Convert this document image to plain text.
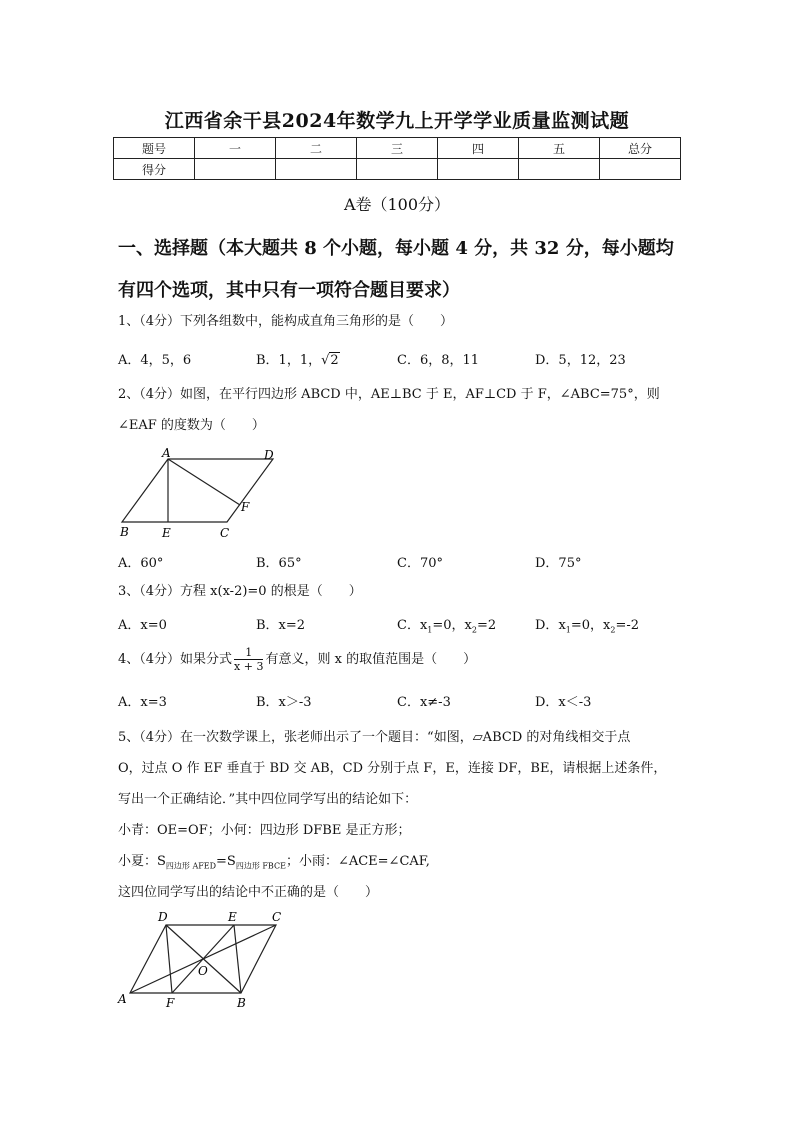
江西省余干县2024年数学九上开学学业质量监测试题
题号	一	二	三	四	五	总分
得分						
A卷（100分）
一、选择题（本大题共 8 个小题，每小题 4 分，共 32 分，每小题均
有四个选项，其中只有一项符合题目要求）
1、（4分）下列各组数中，能构成直角三角形的是（　　）
A．4，5，6	B．1，1，√2	C．6，8，11	D．5，12，23
2、（4分）如图，在平行四边形 ABCD 中，AE⊥BC 于 E，AF⊥CD 于 F，∠ABC=75°，则
∠EAF 的度数为（　　）
A	D
F
B	E	C
A．60°	B．65°	C．70°	D．75°
3、（4分）方程 x(x-2)=0 的根是（　　）
A．x=0	B．x=2	C．$x_1=0$，$x_2=2$	D．$x_1=0$，$x_2=-2$
4、（4分）如果分式 $\frac{1}{x + 3}$ 有意义，则 x 的取值范围是（　　）
A．x=3	B．x＞-3	C．x≠-3	D．x＜-3
5、（4分）在一次数学课上，张老师出示了一个题目：“如图，▱ABCD 的对角线相交于点
O，过点 O 作 EF 垂直于 BD 交 AB，CD 分别于点 F，E，连接 DF，BE，请根据上述条件，
写出一个正确结论．”其中四位同学写出的结论如下：
小青：OE=OF；小何：四边形 DFBE 是正方形；
小夏：$S_{四边形 AFED}=S_{四边形 FBCE}$；小雨：∠ACE=∠CAF,
这四位同学写出的结论中不正确的是（　　）
D	E	C
O
A	F	B
